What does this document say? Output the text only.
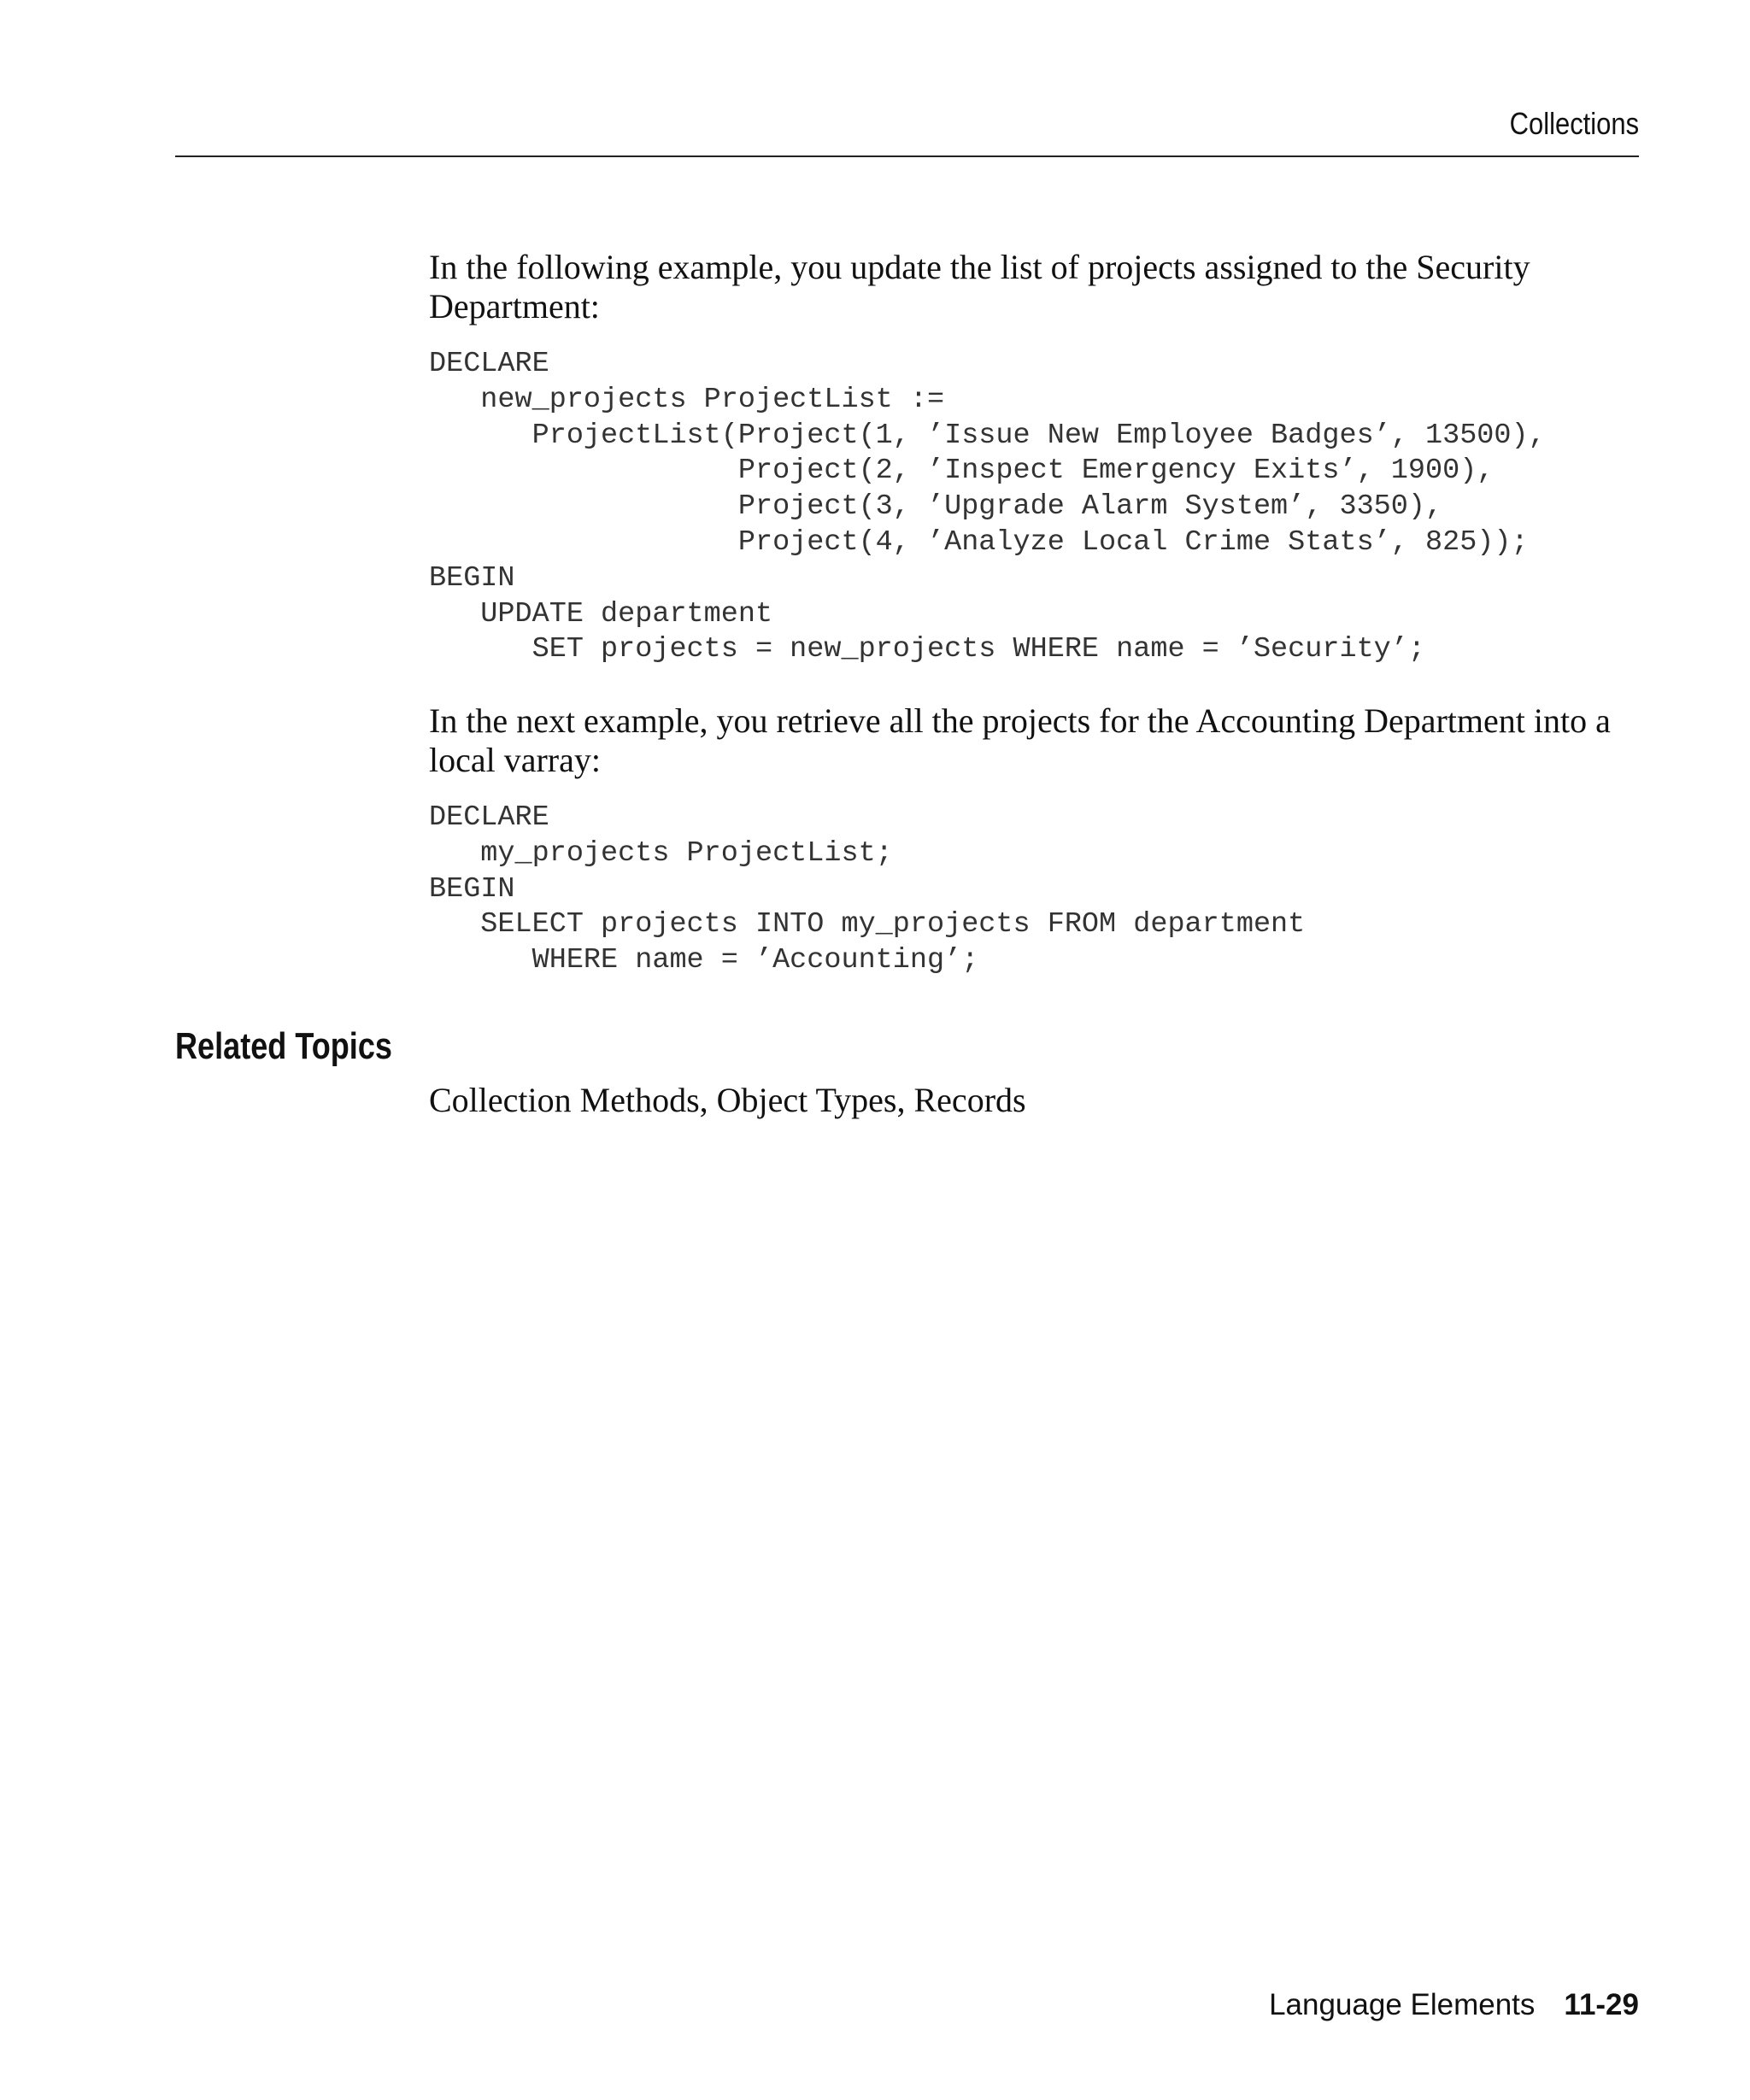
Collections

In the following example, you update the list of projects assigned to the Security Department:

DECLARE
new_projects ProjectList :=
ProjectList(Project(1, ’Issue New Employee Badges’, 13500),
Project(2, ’Inspect Emergency Exits’, 1900),
Project(3, ’Upgrade Alarm System’, 3350),
Project(4, ’Analyze Local Crime Stats’, 825));
BEGIN
UPDATE department
SET projects = new_projects WHERE name = ’Security’;

In the next example, you retrieve all the projects for the Accounting Department into a local varray:

DECLARE
my_projects ProjectList;
BEGIN
SELECT projects INTO my_projects FROM department
WHERE name = ’Accounting’;
Related Topics
Collection Methods, Object Types, Records
Language Elements 11-29
